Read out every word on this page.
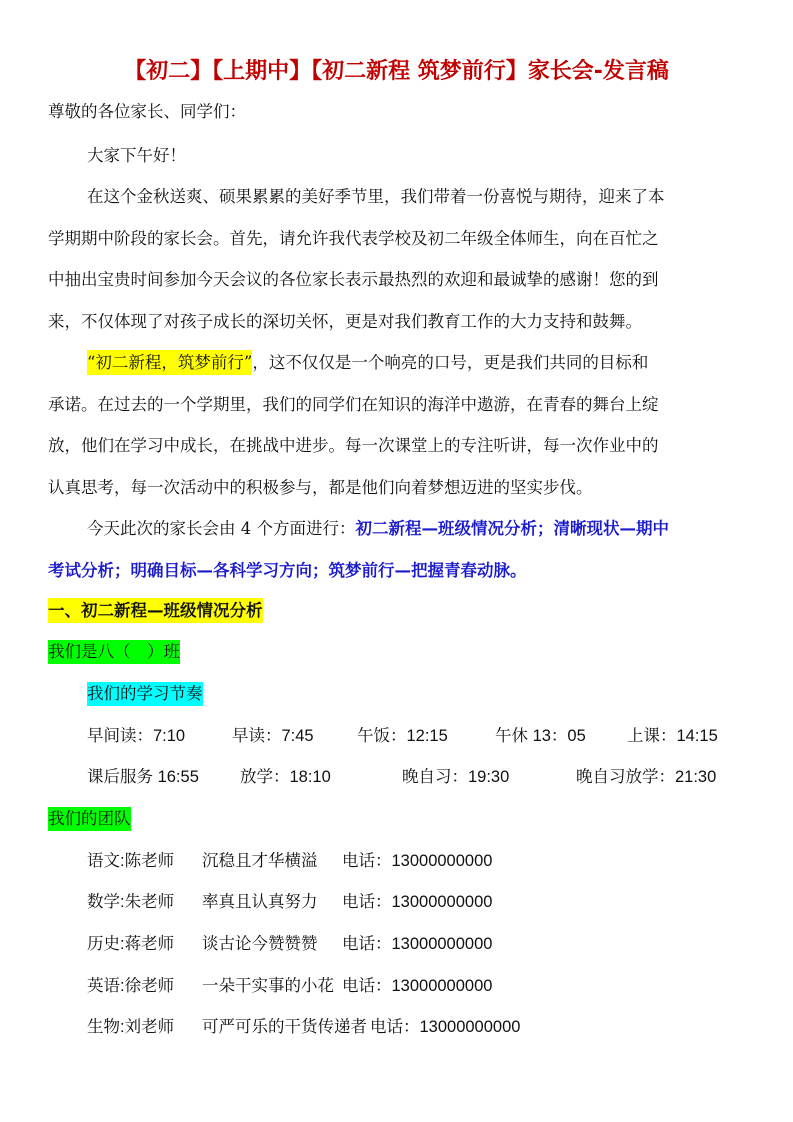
【初二】【上期中】【初二新程 筑梦前行】家长会-发言稿
尊敬的各位家长、同学们：
大家下午好！
在这个金秋送爽、硕果累累的美好季节里，我们带着一份喜悦与期待，迎来了本
学期期中阶段的家长会。首先，请允许我代表学校及初二年级全体师生，向在百忙之
中抽出宝贵时间参加今天会议的各位家长表示最热烈的欢迎和最诚挚的感谢！您的到
来，不仅体现了对孩子成长的深切关怀，更是对我们教育工作的大力支持和鼓舞。
“初二新程，筑梦前行”，这不仅仅是一个响亮的口号，更是我们共同的目标和
承诺。在过去的一个学期里，我们的同学们在知识的海洋中遨游，在青春的舞台上绽
放，他们在学习中成长，在挑战中进步。每一次课堂上的专注听讲，每一次作业中的
认真思考，每一次活动中的积极参与，都是他们向着梦想迈进的坚实步伐。
今天此次的家长会由 4 个方面进行：初二新程—班级情况分析；清晰现状—期中
考试分析；明确目标—各科学习方向；筑梦前行—把握青春动脉。
一、初二新程—班级情况分析
我们是八（　）班
我们的学习节奏
早间读：7:10	早读：7:45	午饭：12:15	午休 13：05 上课：14:15
课后服务 16:55 放学：18:10	晚自习：19:30	晚自习放学：21:30
我们的团队
语文:陈老师 沉稳且才华横溢 电话：13000000000
数学:朱老师 率真且认真努力 电话：13000000000
历史:蒋老师 谈古论今赞赞赞 电话：13000000000
英语:徐老师 一朵干实事的小花 电话：13000000000
生物:刘老师 可严可乐的干货传递者 电话：13000000000
